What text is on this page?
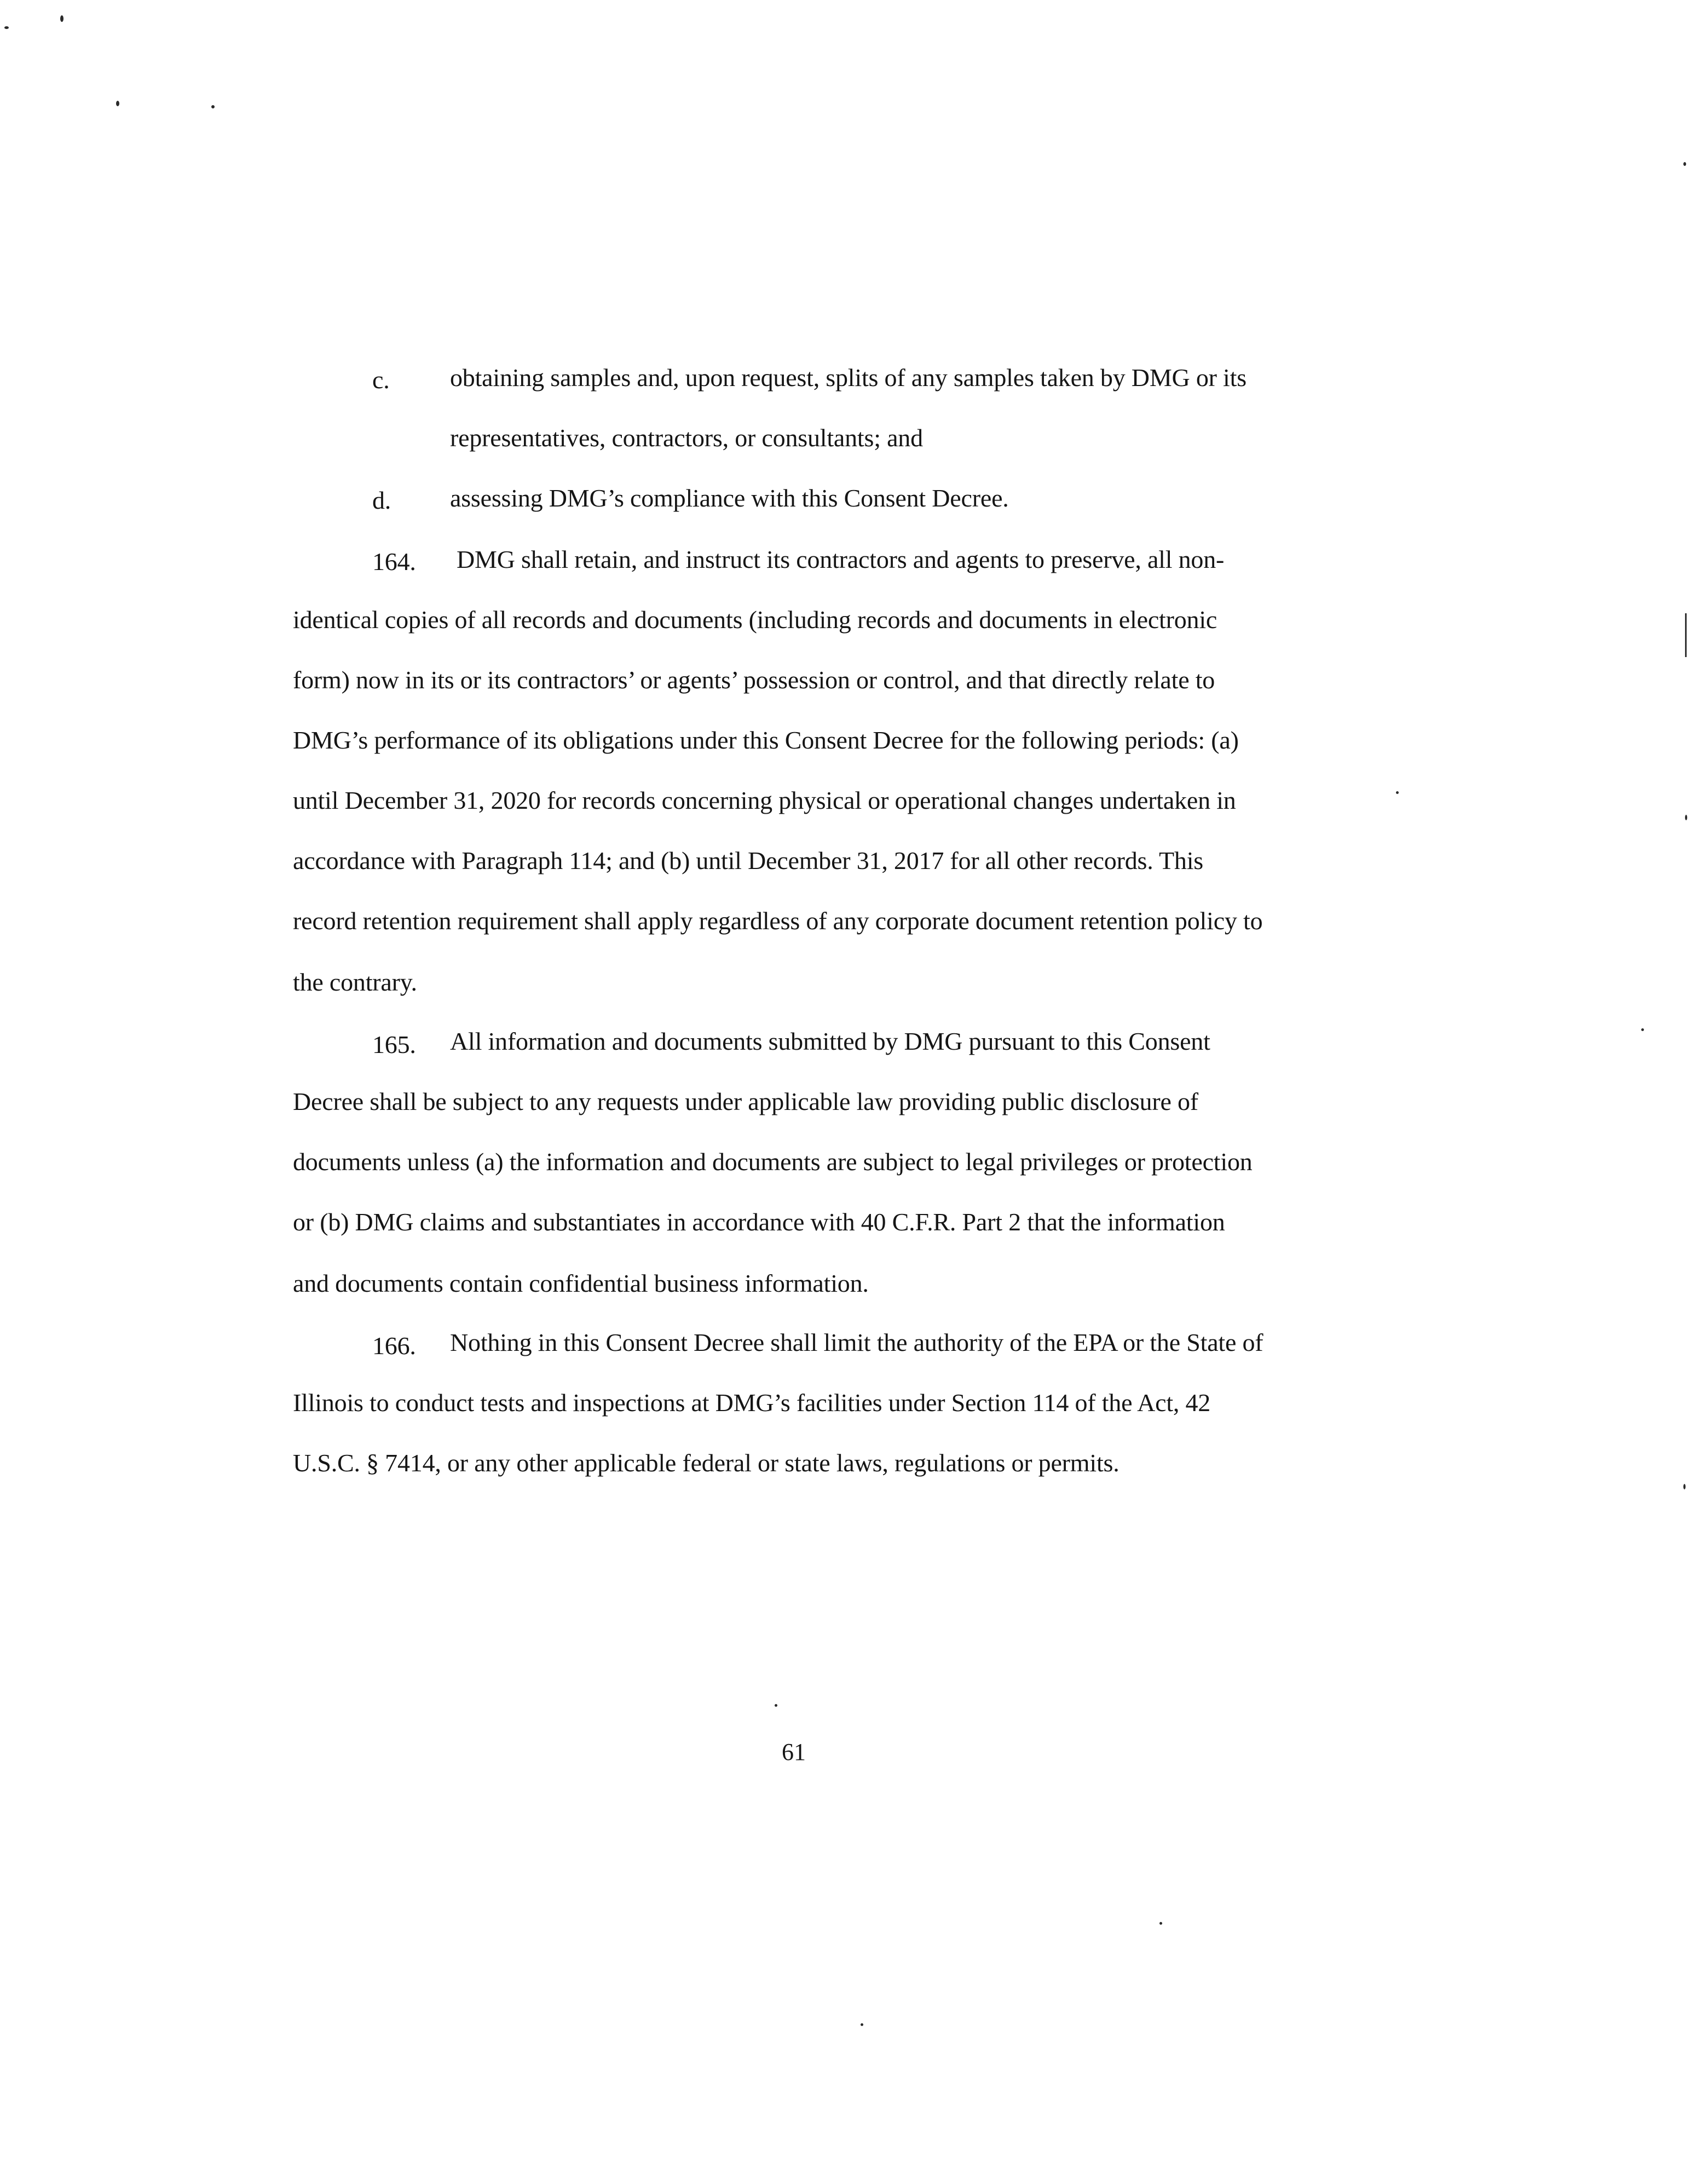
c. obtaining samples and, upon request, splits of any samples taken by DMG or its
representatives, contractors, or consultants; and
d. assessing DMG’s compliance with this Consent Decree.
164. DMG shall retain, and instruct its contractors and agents to preserve, all non-
identical copies of all records and documents (including records and documents in electronic
form) now in its or its contractors’ or agents’ possession or control, and that directly relate to
DMG’s performance of its obligations under this Consent Decree for the following periods: (a)
until December 31, 2020 for records concerning physical or operational changes undertaken in
accordance with Paragraph 114; and (b) until December 31, 2017 for all other records. This
record retention requirement shall apply regardless of any corporate document retention policy to
the contrary.
165. All information and documents submitted by DMG pursuant to this Consent
Decree shall be subject to any requests under applicable law providing public disclosure of
documents unless (a) the information and documents are subject to legal privileges or protection
or (b) DMG claims and substantiates in accordance with 40 C.F.R. Part 2 that the information
and documents contain confidential business information.
166. Nothing in this Consent Decree shall limit the authority of the EPA or the State of
Illinois to conduct tests and inspections at DMG’s facilities under Section 114 of the Act, 42
U.S.C. § 7414, or any other applicable federal or state laws, regulations or permits.
61
